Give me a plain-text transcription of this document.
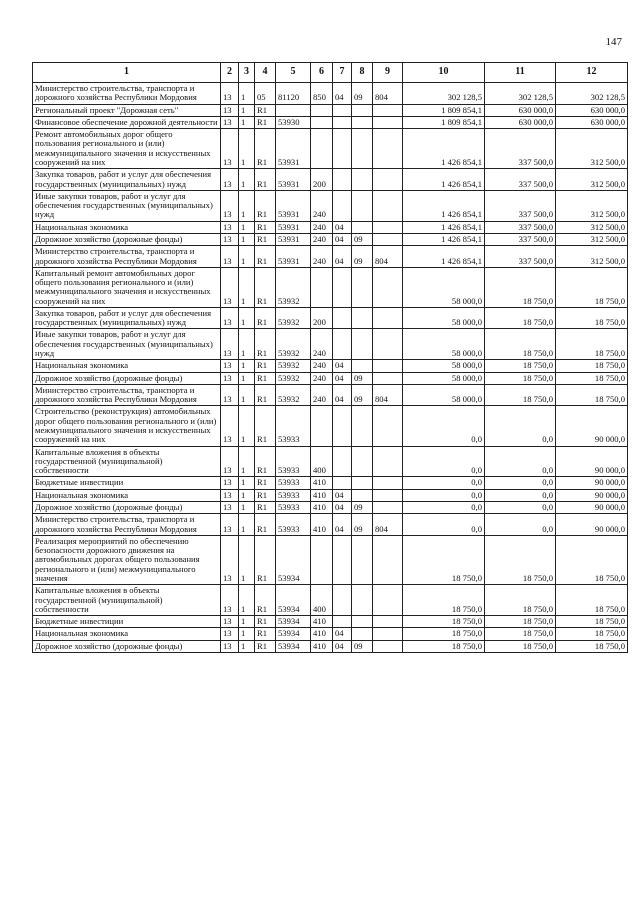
147
1	2	3	4	5	6	7	8	9	10	11	12
Министерство строительства, транспорта и дорожного хозяйства Республики Мордовия	13	1	05	81120	850	04	09	804	302 128,5	302 128,5	302 128,5
Региональный проект "Дорожная сеть"	13	1	R1						1 809 854,1	630 000,0	630 000,0
Финансовое обеспечение дорожной деятельности	13	1	R1	53930					1 809 854,1	630 000,0	630 000,0
Ремонт автомобильных дорог общего пользования регионального и (или) межмуниципального значения и искусственных сооружений на них	13	1	R1	53931					1 426 854,1	337 500,0	312 500,0
Закупка товаров, работ и услуг для обеспечения государственных (муниципальных) нужд	13	1	R1	53931	200				1 426 854,1	337 500,0	312 500,0
Иные закупки товаров, работ и услуг для обеспечения государственных (муниципальных) нужд	13	1	R1	53931	240				1 426 854,1	337 500,0	312 500,0
Национальная экономика	13	1	R1	53931	240	04			1 426 854,1	337 500,0	312 500,0
Дорожное хозяйство (дорожные фонды)	13	1	R1	53931	240	04	09		1 426 854,1	337 500,0	312 500,0
Министерство строительства, транспорта и дорожного хозяйства Республики Мордовия	13	1	R1	53931	240	04	09	804	1 426 854,1	337 500,0	312 500,0
Капитальный ремонт автомобильных дорог общего пользования регионального и (или) межмуниципального значения и искусственных сооружений на них	13	1	R1	53932					58 000,0	18 750,0	18 750,0
Закупка товаров, работ и услуг для обеспечения государственных (муниципальных) нужд	13	1	R1	53932	200				58 000,0	18 750,0	18 750,0
Иные закупки товаров, работ и услуг для обеспечения государственных (муниципальных) нужд	13	1	R1	53932	240				58 000,0	18 750,0	18 750,0
Национальная экономика	13	1	R1	53932	240	04			58 000,0	18 750,0	18 750,0
Дорожное хозяйство (дорожные фонды)	13	1	R1	53932	240	04	09		58 000,0	18 750,0	18 750,0
Министерство строительства, транспорта и дорожного хозяйства Республики Мордовия	13	1	R1	53932	240	04	09	804	58 000,0	18 750,0	18 750,0
Строительство (реконструкция) автомобильных дорог общего пользования регионального и (или) межмуниципального значения и искусственных сооружений на них	13	1	R1	53933					0,0	0,0	90 000,0
Капитальные вложения в объекты государственной (муниципальной) собственности	13	1	R1	53933	400				0,0	0,0	90 000,0
Бюджетные инвестиции	13	1	R1	53933	410				0,0	0,0	90 000,0
Национальная экономика	13	1	R1	53933	410	04			0,0	0,0	90 000,0
Дорожное хозяйство (дорожные фонды)	13	1	R1	53933	410	04	09		0,0	0,0	90 000,0
Министерство строительства, транспорта и дорожного хозяйства Республики Мордовия	13	1	R1	53933	410	04	09	804	0,0	0,0	90 000,0
Реализация мероприятий по обеспечению безопасности дорожного движения на автомобильных дорогах общего пользования регионального и (или) межмуниципального значения	13	1	R1	53934					18 750,0	18 750,0	18 750,0
Капитальные вложения в объекты государственной (муниципальной) собственности	13	1	R1	53934	400				18 750,0	18 750,0	18 750,0
Бюджетные инвестиции	13	1	R1	53934	410				18 750,0	18 750,0	18 750,0
Национальная экономика	13	1	R1	53934	410	04			18 750,0	18 750,0	18 750,0
Дорожное хозяйство (дорожные фонды)	13	1	R1	53934	410	04	09		18 750,0	18 750,0	18 750,0
